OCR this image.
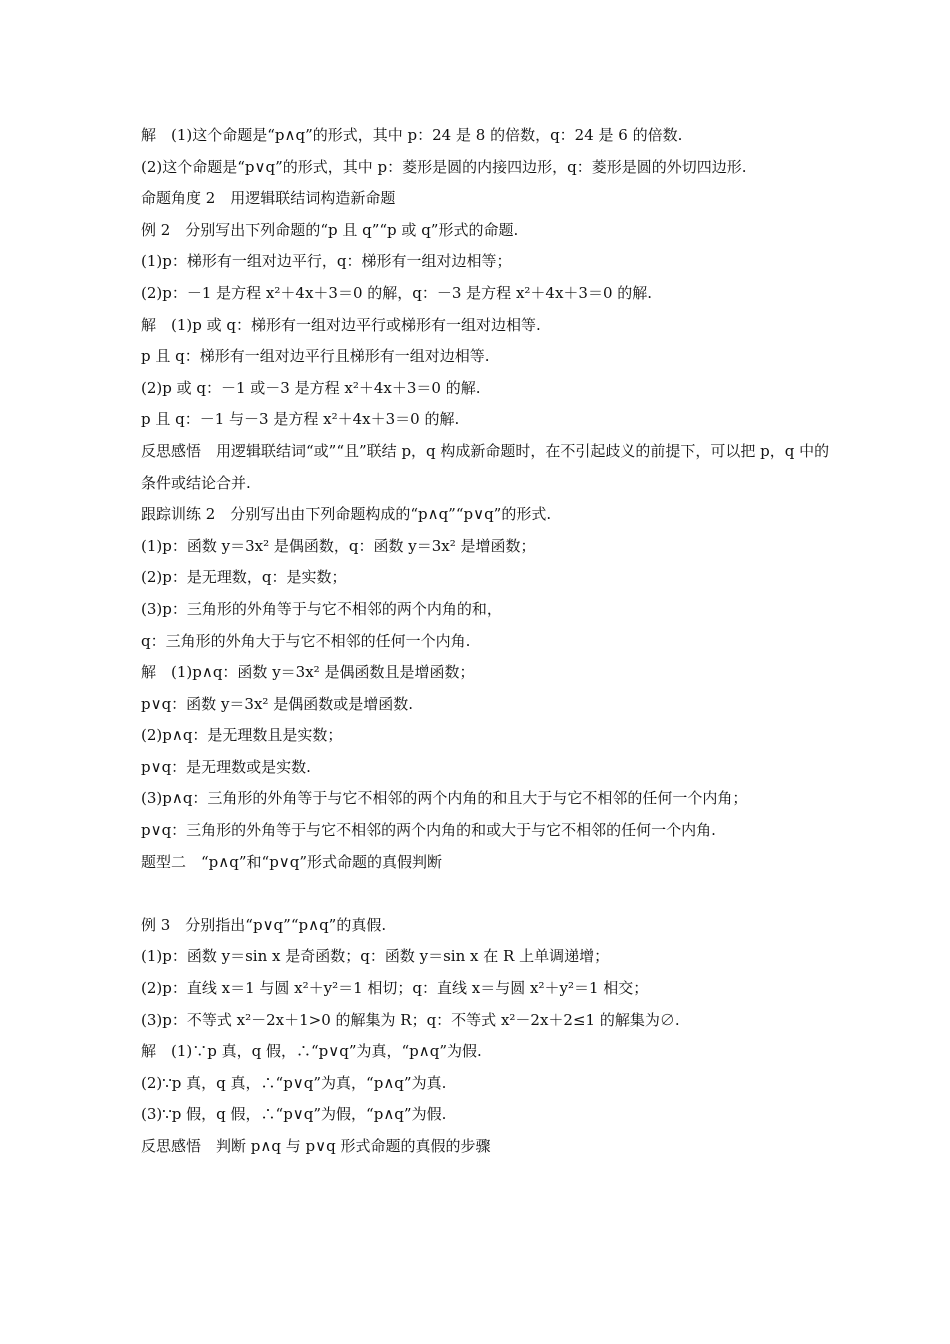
解　(1)这个命题是“p∧q”的形式，其中 p：24 是 8 的倍数，q：24 是 6 的倍数.
(2)这个命题是“p∨q”的形式，其中 p：菱形是圆的内接四边形，q：菱形是圆的外切四边形.
命题角度 2　用逻辑联结词构造新命题
例 2　分别写出下列命题的“p 且 q”“p 或 q”形式的命题.
(1)p：梯形有一组对边平行，q：梯形有一组对边相等；
(2)p：－1 是方程 x²＋4x＋3＝0 的解，q：－3 是方程 x²＋4x＋3＝0 的解.
解　(1)p 或 q：梯形有一组对边平行或梯形有一组对边相等.
p 且 q：梯形有一组对边平行且梯形有一组对边相等.
(2)p 或 q：－1 或－3 是方程 x²＋4x＋3＝0 的解.
p 且 q：－1 与－3 是方程 x²＋4x＋3＝0 的解.
反思感悟　用逻辑联结词“或”“且”联结 p，q 构成新命题时，在不引起歧义的前提下，可以把 p，q 中的条件或结论合并.
跟踪训练 2　分别写出由下列命题构成的“p∧q”“p∨q”的形式.
(1)p：函数 y＝3x² 是偶函数，q：函数 y＝3x² 是增函数；
(2)p：是无理数，q：是实数；
(3)p：三角形的外角等于与它不相邻的两个内角的和，
q：三角形的外角大于与它不相邻的任何一个内角.
解　(1)p∧q：函数 y＝3x² 是偶函数且是增函数；
p∨q：函数 y＝3x² 是偶函数或是增函数.
(2)p∧q：是无理数且是实数；
p∨q：是无理数或是实数.
(3)p∧q：三角形的外角等于与它不相邻的两个内角的和且大于与它不相邻的任何一个内角；
p∨q：三角形的外角等于与它不相邻的两个内角的和或大于与它不相邻的任何一个内角.
题型二　“p∧q”和“p∨q”形式命题的真假判断
例 3　分别指出“p∨q”“p∧q”的真假.
(1)p：函数 y＝sin x 是奇函数；q：函数 y＝sin x 在 R 上单调递增；
(2)p：直线 x＝1 与圆 x²＋y²＝1 相切；q：直线 x＝与圆 x²＋y²＝1 相交；
(3)p：不等式 x²－2x＋1>0 的解集为 R；q：不等式 x²－2x＋2≤1 的解集为∅.
解　(1)∵p 真，q 假，∴“p∨q”为真，“p∧q”为假.
(2)∵p 真，q 真，∴“p∨q”为真，“p∧q”为真.
(3)∵p 假，q 假，∴“p∨q”为假，“p∧q”为假.
反思感悟　判断 p∧q 与 p∨q 形式命题的真假的步骤
